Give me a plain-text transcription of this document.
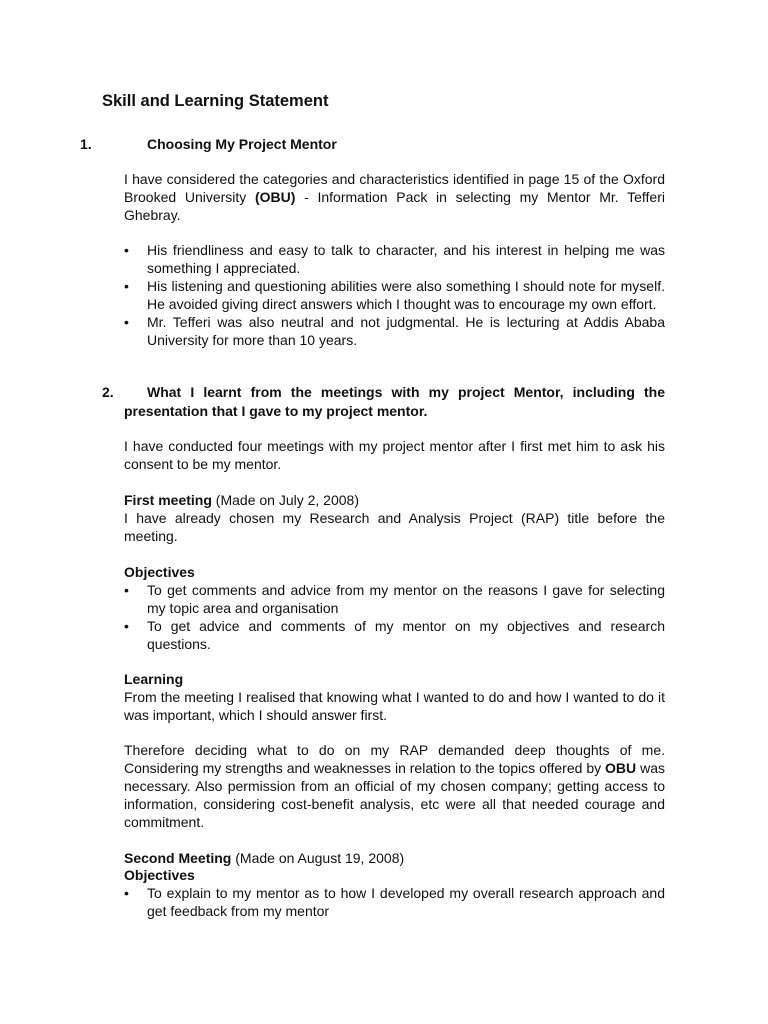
Skill and Learning Statement
1.	Choosing My Project Mentor

I have considered the categories and characteristics identified in page 15 of the Oxford Brooked University (OBU) - Information Pack in selecting my Mentor Mr. Tefferi Ghebray.

• His friendliness and easy to talk to character, and his interest in helping me was something I appreciated.
• His listening and questioning abilities were also something I should note for myself. He avoided giving direct answers which I thought was to encourage my own effort.
• Mr. Tefferi was also neutral and not judgmental. He is lecturing at Addis Ababa University for more than 10 years.
2.	What I learnt from the meetings with my project Mentor, including the presentation that I gave to my project mentor.

I have conducted four meetings with my project mentor after I first met him to ask his consent to be my mentor.

First meeting (Made on July 2, 2008)

I have already chosen my Research and Analysis Project (RAP) title before the meeting.

Objectives

• To get comments and advice from my mentor on the reasons I gave for selecting my topic area and organisation
• To get advice and comments of my mentor on my objectives and research questions.

Learning

From the meeting I realised that knowing what I wanted to do and how I wanted to do it was important, which I should answer first.

Therefore deciding what to do on my RAP demanded deep thoughts of me. Considering my strengths and weaknesses in relation to the topics offered by OBU was necessary. Also permission from an official of my chosen company; getting access to information, considering cost-benefit analysis, etc were all that needed courage and commitment.

Second Meeting (Made on August 19, 2008)

Objectives

• To explain to my mentor as to how I developed my overall research approach and get feedback from my mentor
